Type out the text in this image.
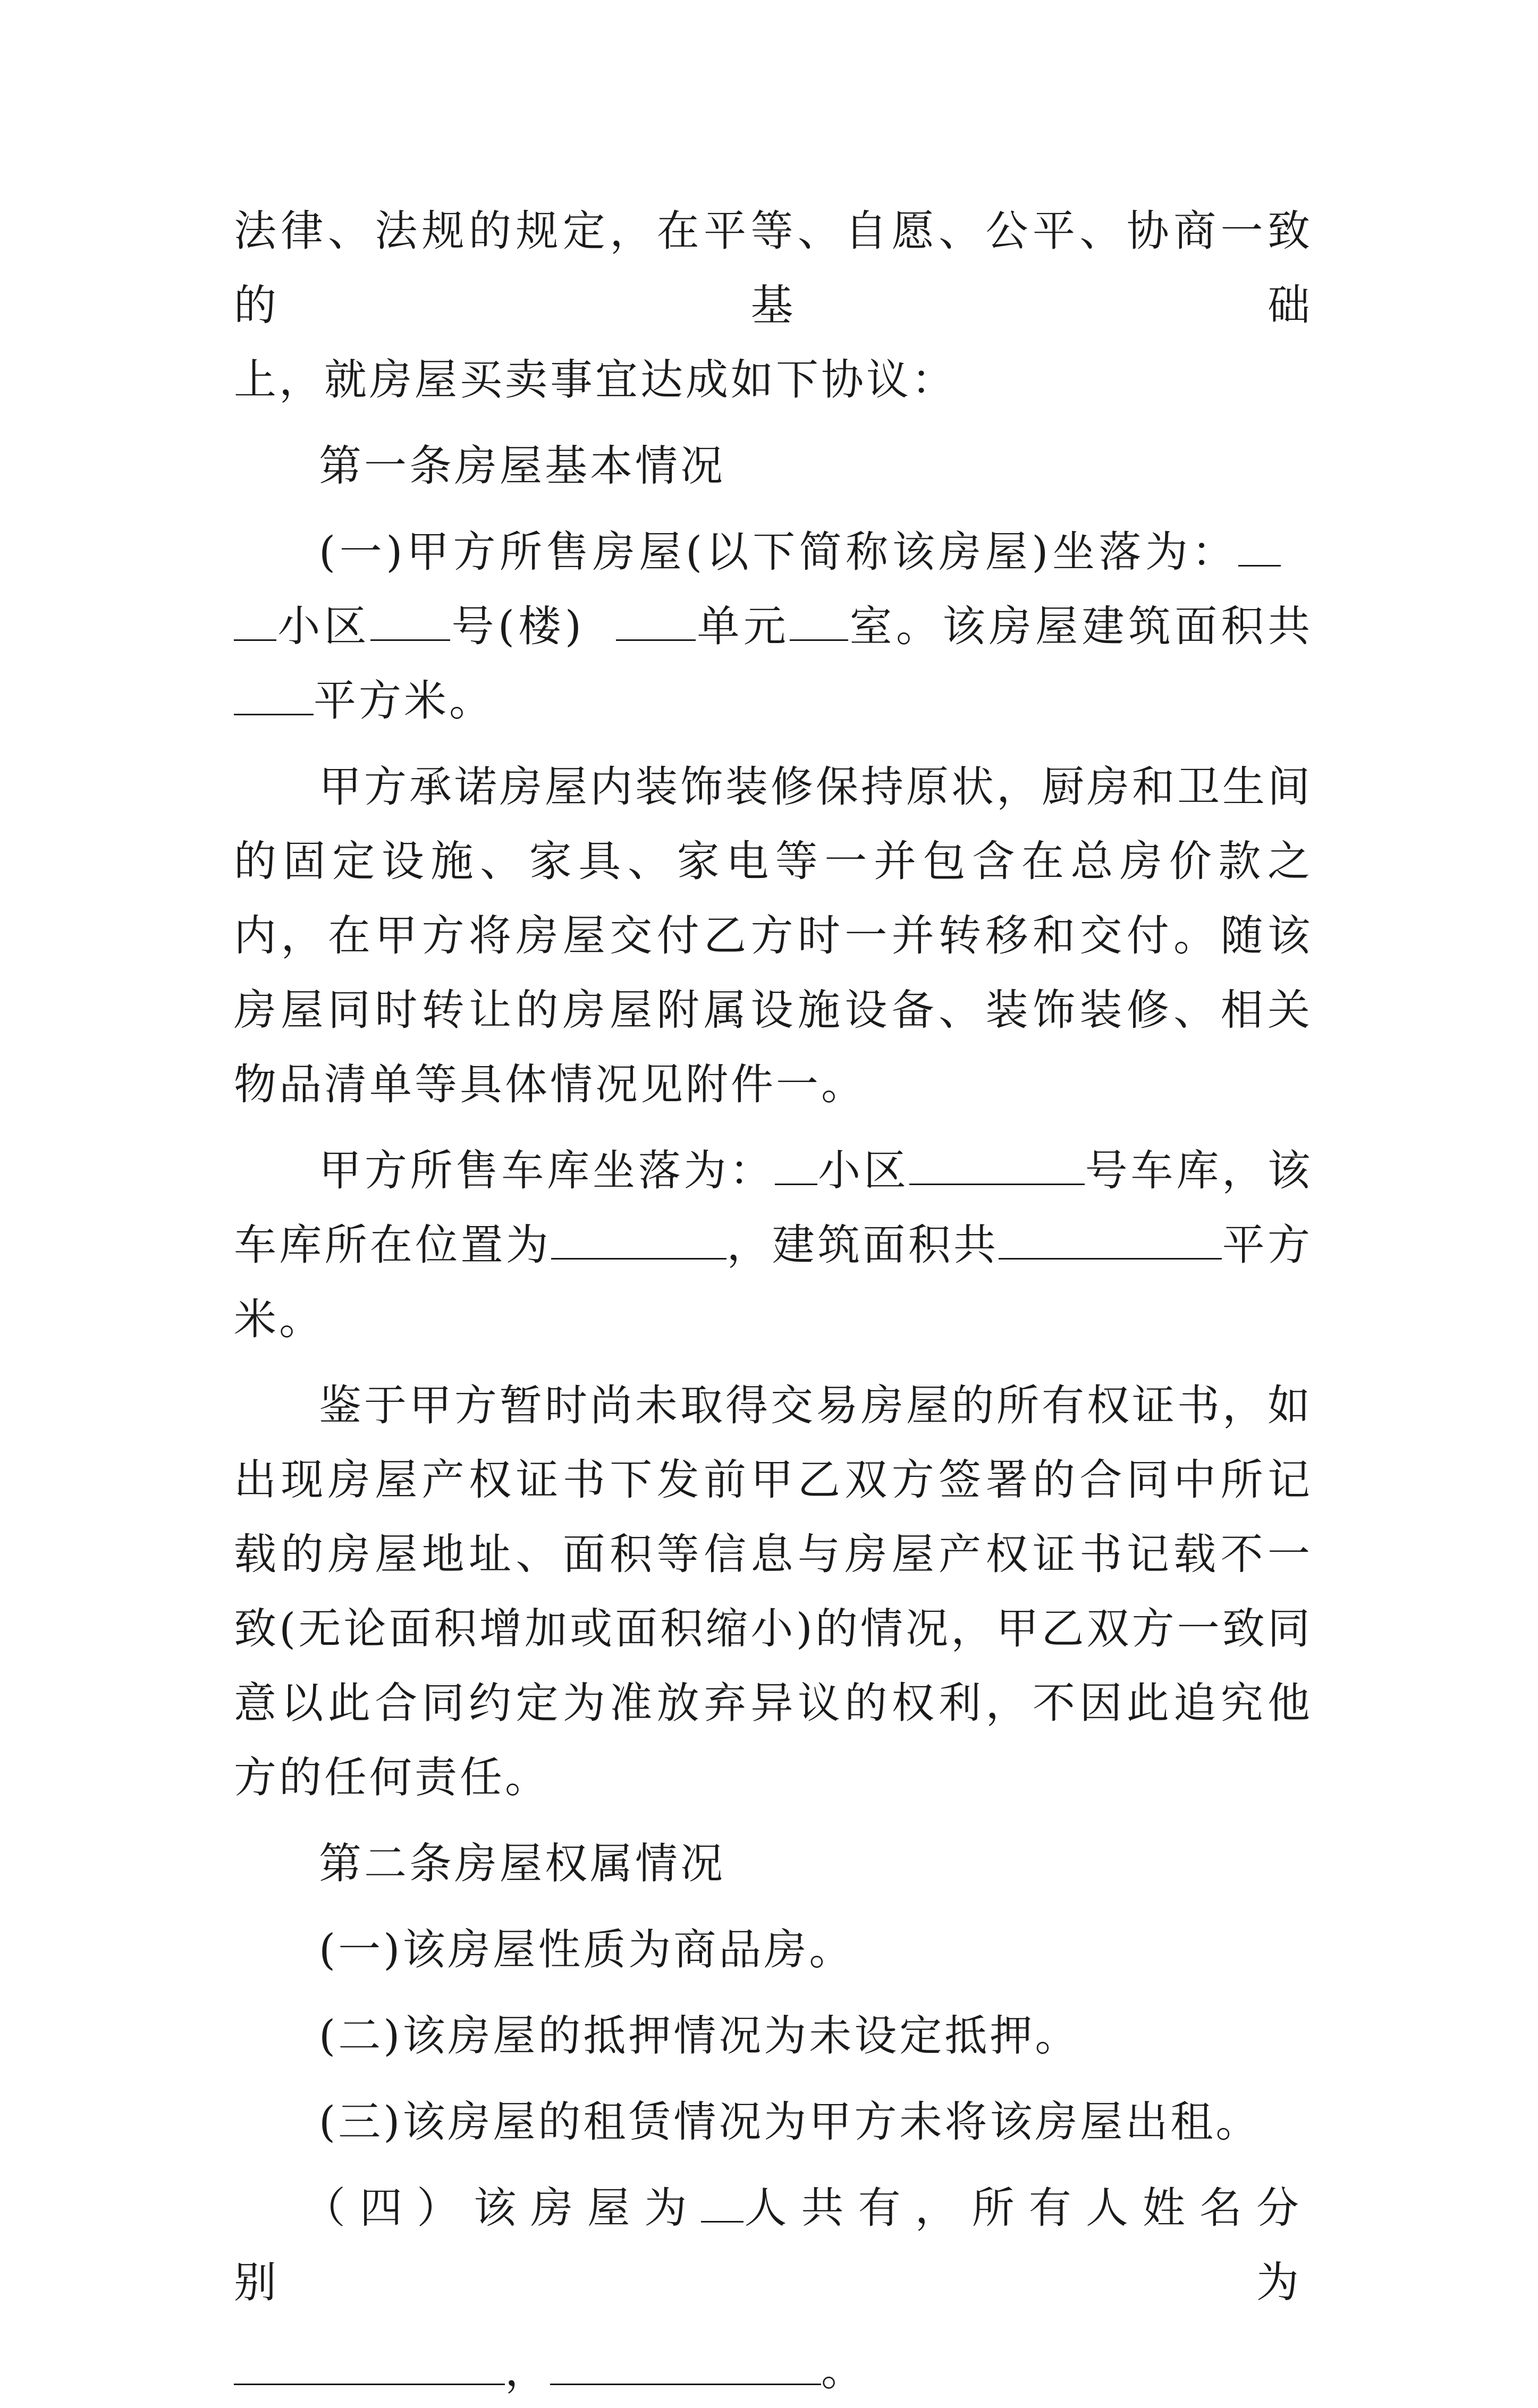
法律、法规的规定，在平等、自愿、公平、协商一致的基础
上，就房屋买卖事宜达成如下协议：

第一条房屋基本情况

(一)甲方所售房屋(以下简称该房屋)坐落为：小区 号(楼)	单元 室。该房屋建筑面积共平方米。

甲方承诺房屋内装饰装修保持原状，厨房和卫生间的固定设施、家具、家电等一并包含在总房价款之内，在甲方将房屋交付乙方时一并转移和交付。随该房屋同时转让的房屋附属设施设备、装饰装修、相关物品清单等具体情况见附件一。

甲方所售车库坐落为： 小区	号车库，该车库所在位置为	，建筑面积共	平方米。

鉴于甲方暂时尚未取得交易房屋的所有权证书，如出现房屋产权证书下发前甲乙双方签署的合同中所记载的房屋地址、面积等信息与房屋产权证书记载不一致(无论面积增加或面积缩小)的情况，甲乙双方一致同意以此合同约定为准放弃异议的权利，不因此追究他方的任何责任。

第二条房屋权属情况

(一)该房屋性质为商品房。

(二)该房屋的抵押情况为未设定抵押。

(三)该房屋的租赁情况为甲方未将该房屋出租。

（四）该房屋为 人共有，所有人姓名分别为
，	。
